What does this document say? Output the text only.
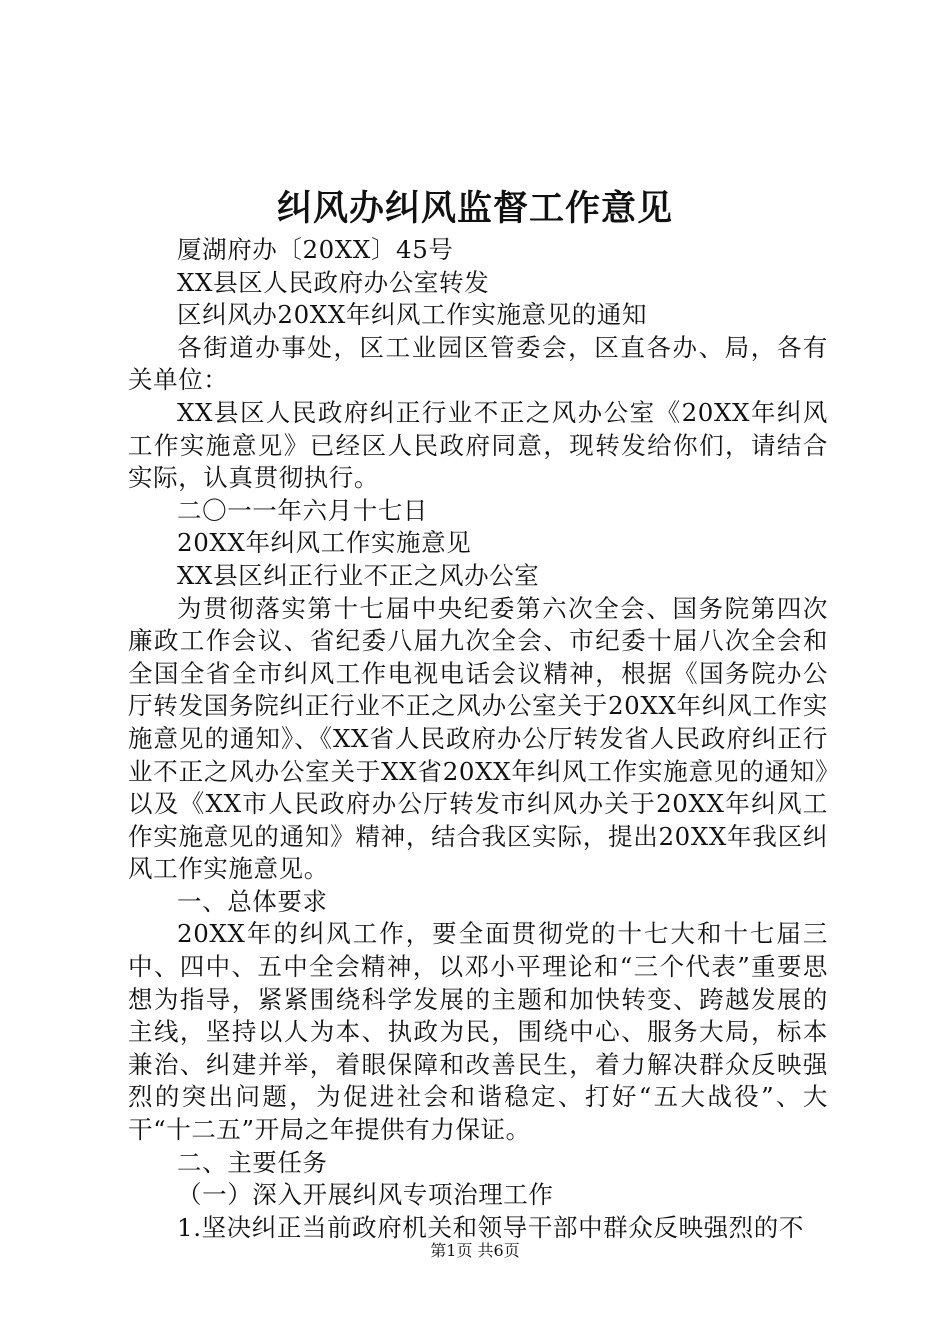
纠风办纠风监督工作意见

厦湖府办〔20XX〕45号

XX县区人民政府办公室转发

区纠风办20XX年纠风工作实施意见的通知

各街道办事处，区工业园区管委会，区直各办、局，各有关单位：

XX县区人民政府纠正行业不正之风办公室《20XX年纠风工作实施意见》已经区人民政府同意，现转发给你们，请结合实际，认真贯彻执行。

二〇一一年六月十七日

20XX年纠风工作实施意见

XX县区纠正行业不正之风办公室

为贯彻落实第十七届中央纪委第六次全会、国务院第四次廉政工作会议、省纪委八届九次全会、市纪委十届八次全会和全国全省全市纠风工作电视电话会议精神，根据《国务院办公厅转发国务院纠正行业不正之风办公室关于20XX年纠风工作实施意见的通知》、《XX省人民政府办公厅转发省人民政府纠正行业不正之风办公室关于XX省20XX年纠风工作实施意见的通知》以及《XX市人民政府办公厅转发市纠风办关于20XX年纠风工作实施意见的通知》精神，结合我区实际，提出20XX年我区纠风工作实施意见。

一、总体要求

20XX年的纠风工作，要全面贯彻党的十七大和十七届三中、四中、五中全会精神，以邓小平理论和“三个代表”重要思想为指导，紧紧围绕科学发展的主题和加快转变、跨越发展的主线，坚持以人为本、执政为民，围绕中心、服务大局，标本兼治、纠建并举，着眼保障和改善民生，着力解决群众反映强烈的突出问题，为促进社会和谐稳定、打好“五大战役”、大干“十二五”开局之年提供有力保证。

二、主要任务

（一）深入开展纠风专项治理工作

1.坚决纠正当前政府机关和领导干部中群众反映强烈的不

第1页 共6页
